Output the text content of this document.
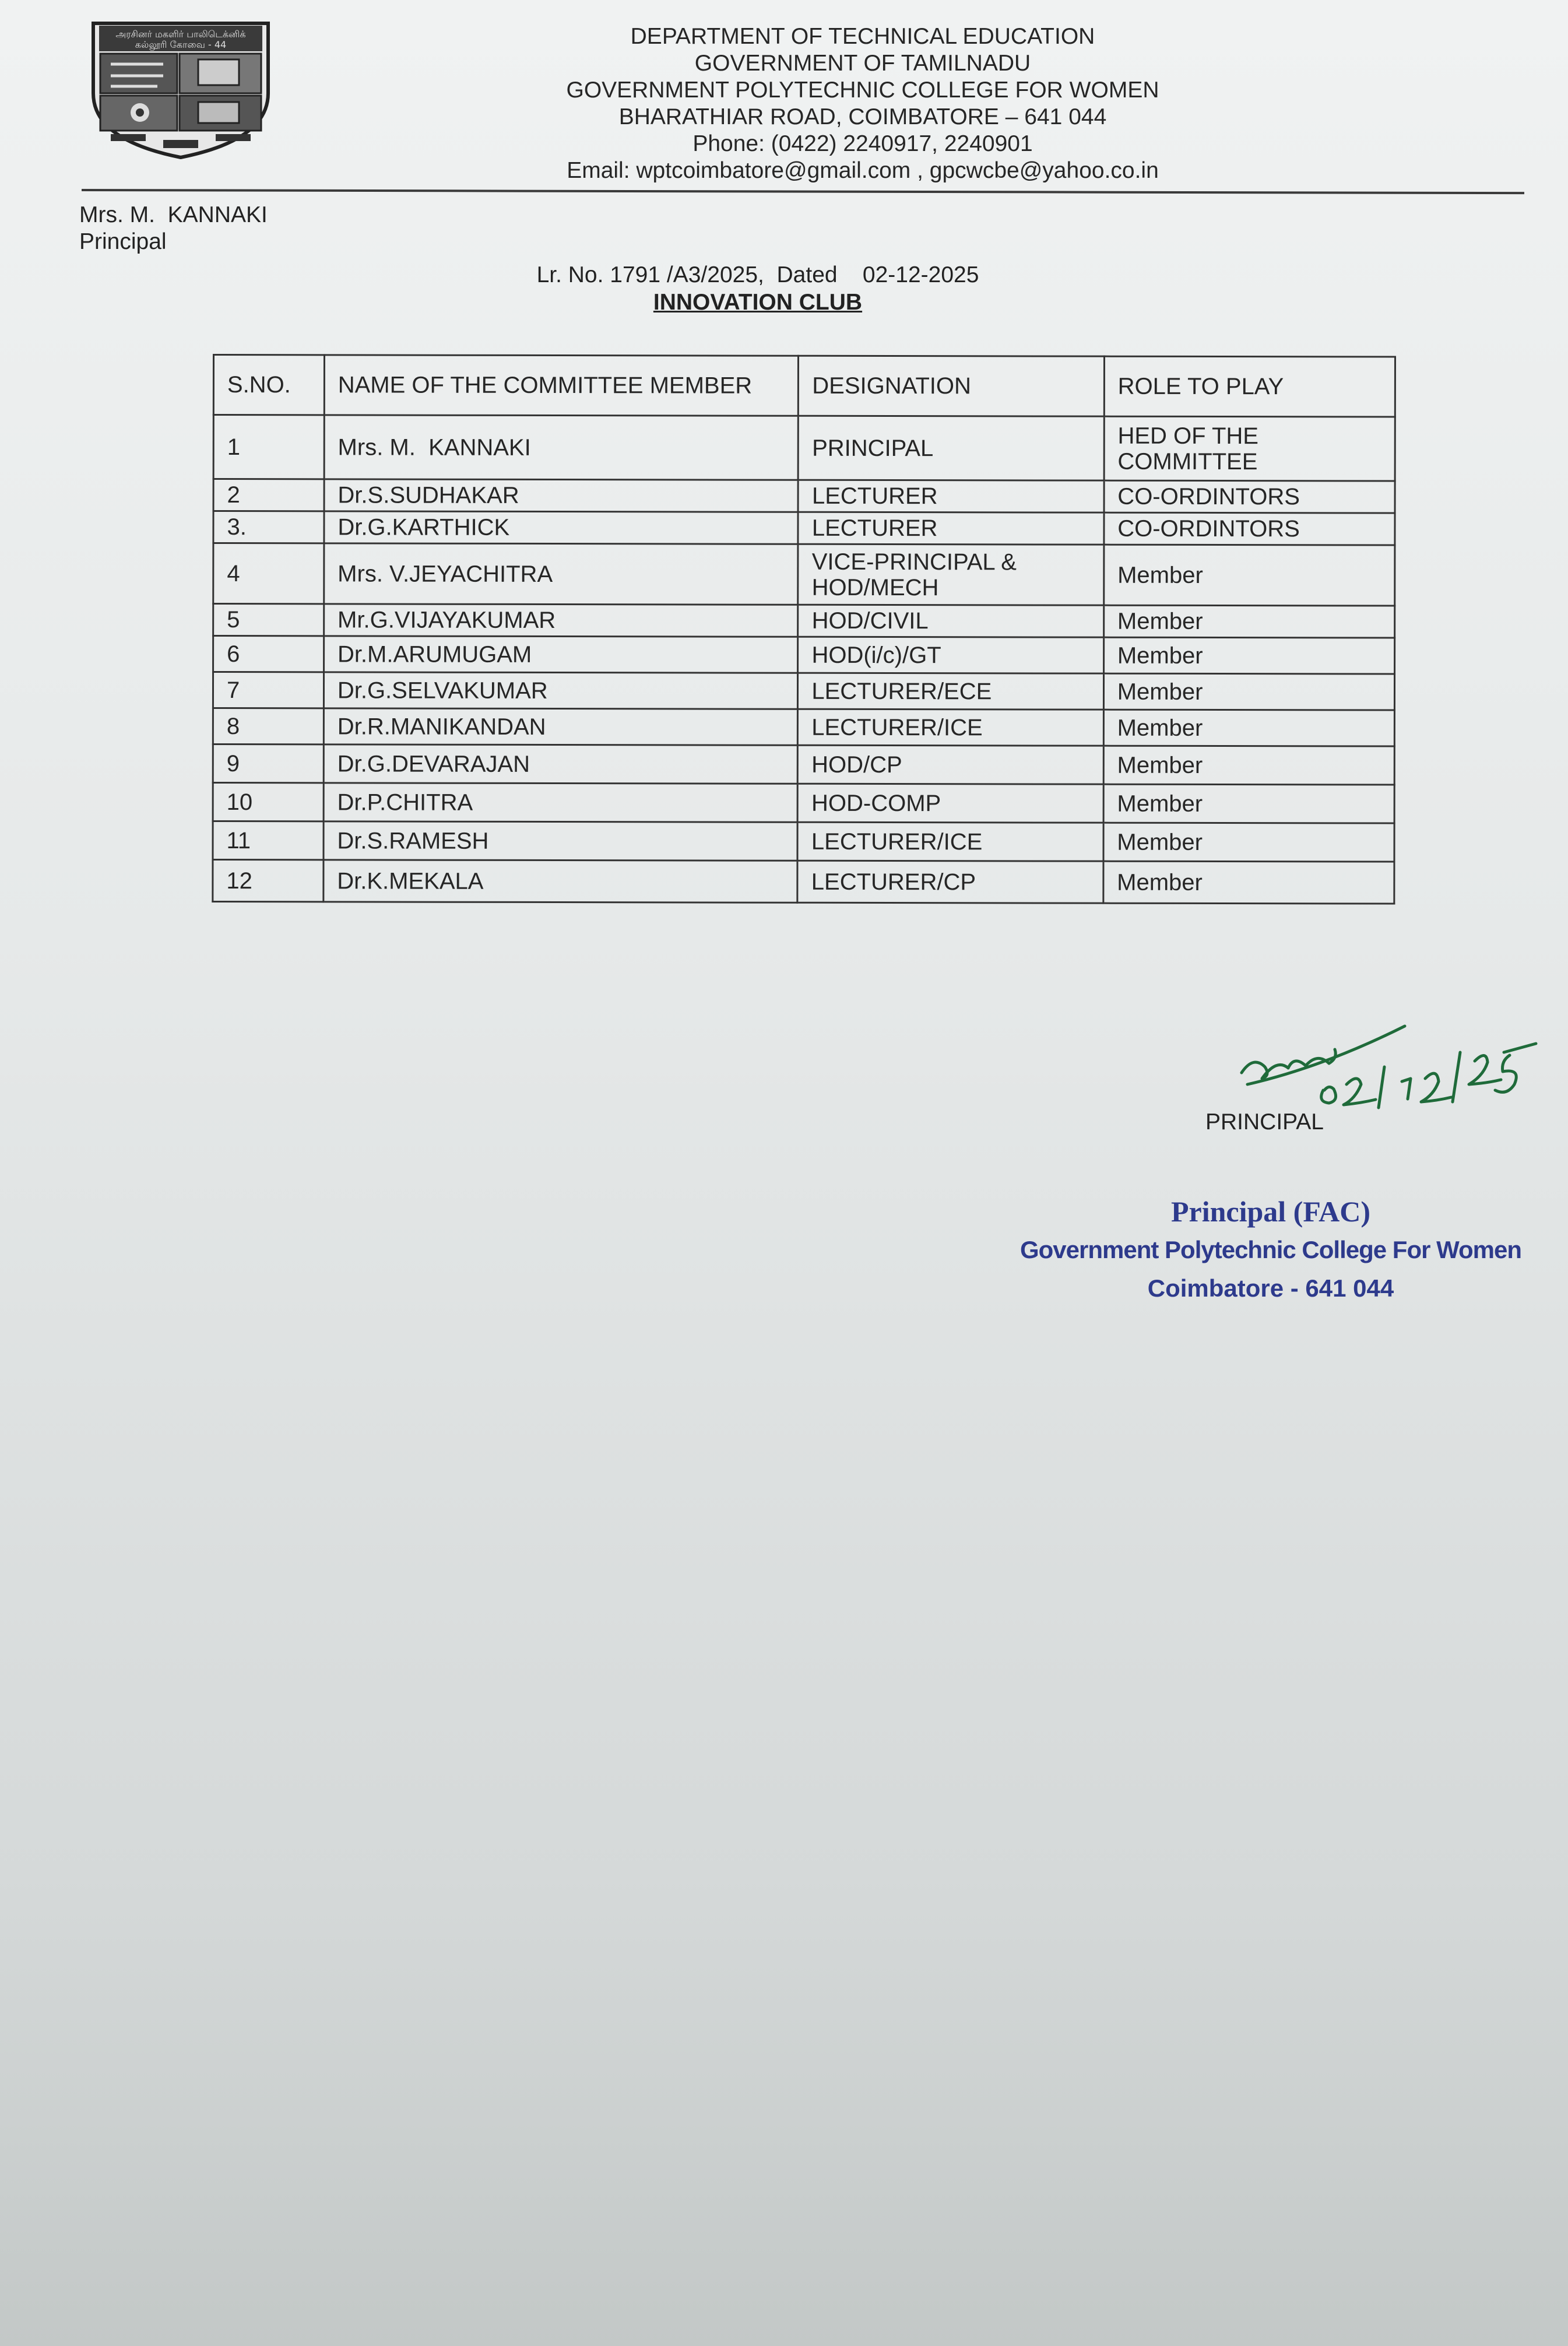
அரசினர் மகளிர் பாலிடெக்னிக்
கல்லூரி கோவை - 44	DEPARTMENT OF TECHNICAL EDUCATION
GOVERNMENT OF TAMILNADU
GOVERNMENT POLYTECHNIC COLLEGE FOR WOMEN
BHARATHIAR ROAD, COIMBATORE – 641 044
Phone: (0422) 2240917, 2240901
Email: wptcoimbatore@gmail.com , gpcwcbe@yahoo.co.in
Mrs. M.  KANNAKI
Principal
Lr. No. 1791 /A3/2025,  Dated    02-12-2025
INNOVATION CLUB
S.NO.	NAME OF THE COMMITTEE MEMBER	DESIGNATION	ROLE TO PLAY
1	Mrs. M.  KANNAKI	PRINCIPAL	HED OF THE COMMITTEE
2	Dr.S.SUDHAKAR	LECTURER	CO-ORDINTORS
3.	Dr.G.KARTHICK	LECTURER	CO-ORDINTORS
4	Mrs. V.JEYACHITRA	VICE-PRINCIPAL & HOD/MECH	Member
5	Mr.G.VIJAYAKUMAR	HOD/CIVIL	Member
6	Dr.M.ARUMUGAM	HOD(i/c)/GT	Member
7	Dr.G.SELVAKUMAR	LECTURER/ECE	Member
8	Dr.R.MANIKANDAN	LECTURER/ICE	Member
9	Dr.G.DEVARAJAN	HOD/CP	Member
10	Dr.P.CHITRA	HOD-COMP	Member
11	Dr.S.RAMESH	LECTURER/ICE	Member
12	Dr.K.MEKALA	LECTURER/CP	Member
PRINCIPAL
Principal (FAC)
Government Polytechnic College For Women
Coimbatore - 641 044
